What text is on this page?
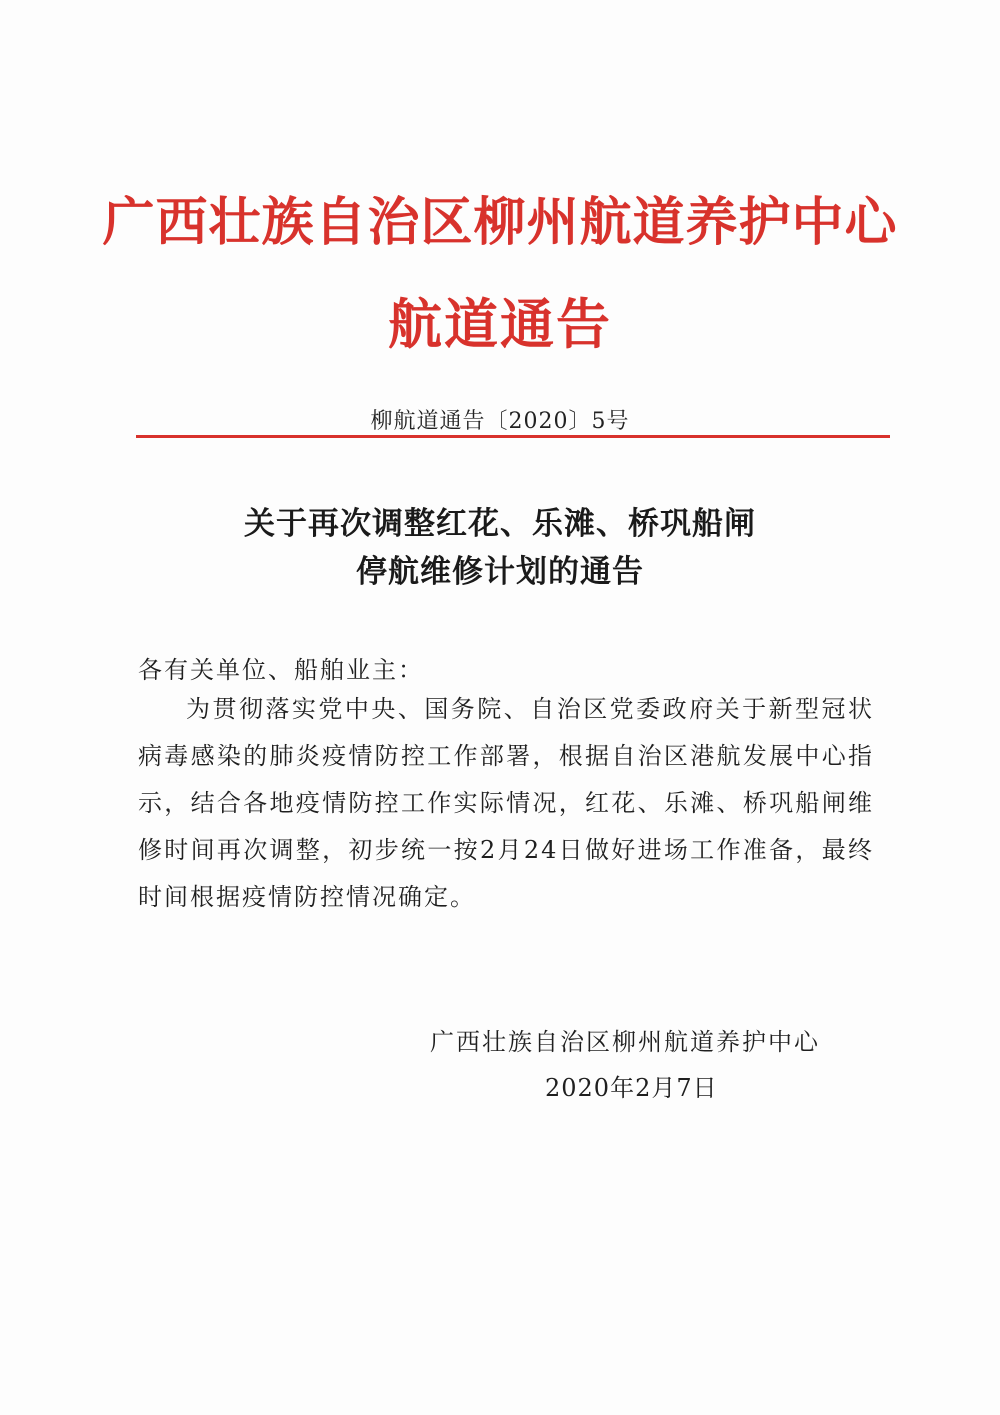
广西壮族自治区柳州航道养护中心
航道通告
柳航道通告〔2020〕5号
关于再次调整红花、乐滩、桥巩船闸
停航维修计划的通告
各有关单位、船舶业主：
为贯彻落实党中央、国务院、自治区党委政府关于新型冠状病毒感染的肺炎疫情防控工作部署，根据自治区港航发展中心指示，结合各地疫情防控工作实际情况，红花、乐滩、桥巩船闸维修时间再次调整，初步统一按2月24日做好进场工作准备，最终时间根据疫情防控情况确定。
广西壮族自治区柳州航道养护中心
2020年2月7日
